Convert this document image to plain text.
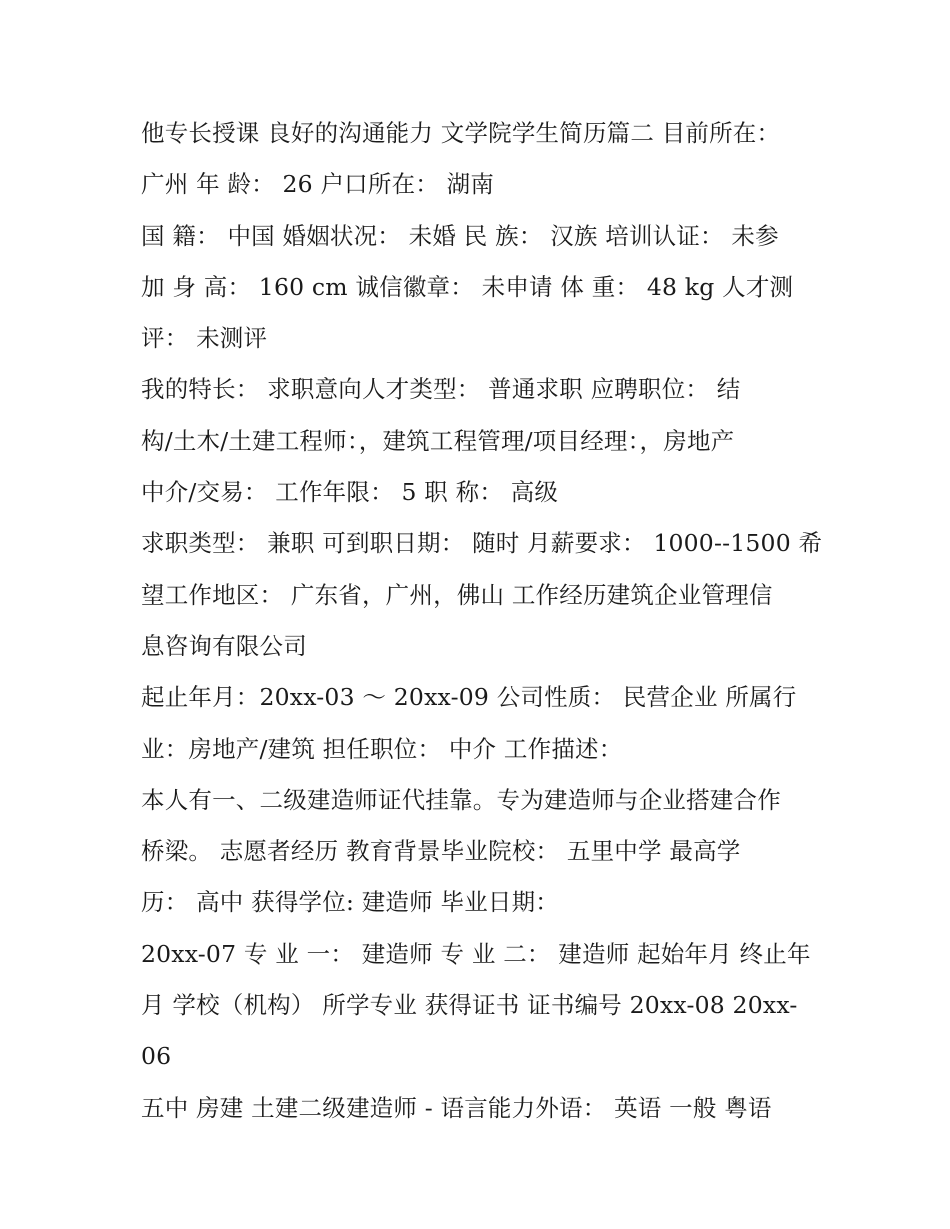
他专长授课 良好的沟通能力 文学院学生简历篇二 目前所在：
广州 年 龄： 26 户口所在： 湖南
国 籍： 中国 婚姻状况： 未婚 民 族： 汉族 培训认证： 未参
加 身 高： 160 cm 诚信徽章： 未申请 体 重： 48 kg 人才测
评： 未测评
我的特长： 求职意向人才类型： 普通求职 应聘职位： 结
构/土木/土建工程师：，建筑工程管理/项目经理：，房地产
中介/交易： 工作年限： 5 职 称： 高级
求职类型： 兼职 可到职日期： 随时 月薪要求： 1000--1500 希
望工作地区： 广东省，广州，佛山 工作经历建筑企业管理信
息咨询有限公司
起止年月：20xx-03 ～ 20xx-09 公司性质： 民营企业 所属行
业：房地产/建筑 担任职位： 中介 工作描述：
本人有一、二级建造师证代挂靠。专为建造师与企业搭建合作
桥梁。 志愿者经历 教育背景毕业院校： 五里中学 最高学
历： 高中 获得学位: 建造师 毕业日期：
20xx-07 专 业 一： 建造师 专 业 二： 建造师 起始年月 终止年
月 学校（机构） 所学专业 获得证书 证书编号 20xx-08 20xx-
06
五中 房建 土建二级建造师 - 语言能力外语： 英语 一般 粤语
